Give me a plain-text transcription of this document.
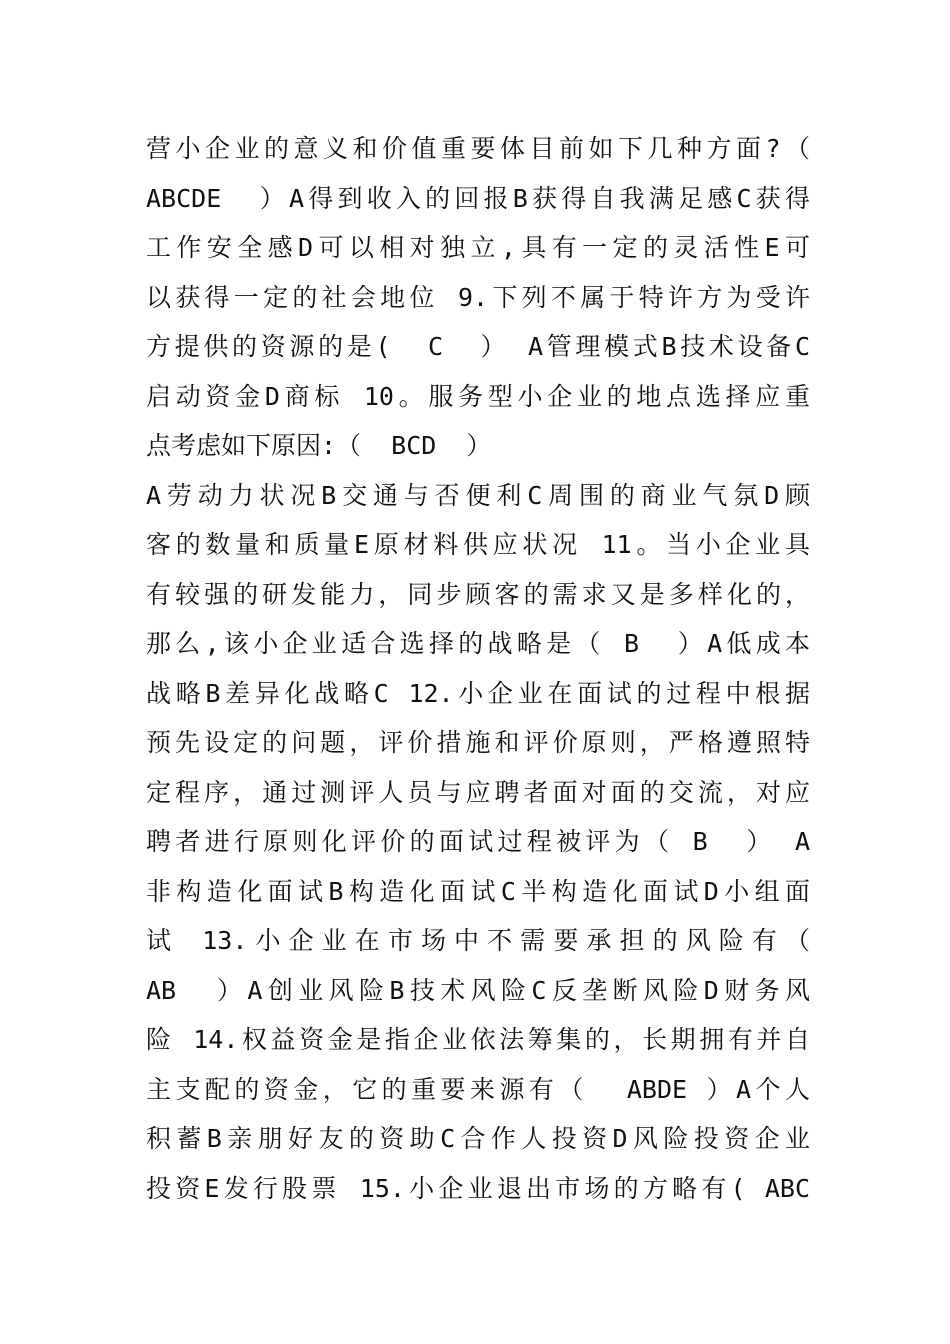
营小企业的意义和价值重要体目前如下几种方面?（
ABCDE  ）A得到收入的回报B获得自我满足感C获得
工作安全感D可以相对独立,具有一定的灵活性E可
以获得一定的社会地位 9.下列不属于特许方为受许
方提供的资源的是(  C  ） A管理模式B技术设备C
启动资金D商标 10。服务型小企业的地点选择应重
点考虑如下原因:（  BCD  ）
A劳动力状况B交通与否便利C周围的商业气氛D顾
客的数量和质量E原材料供应状况 11。当小企业具
有较强的研发能力，同步顾客的需求又是多样化的，
那么,该小企业适合选择的战略是（ B  ）A低成本
战略B差异化战略C 12.小企业在面试的过程中根据
预先设定的问题，评价措施和评价原则，严格遵照特
定程序，通过测评人员与应聘者面对面的交流，对应
聘者进行原则化评价的面试过程被评为（ B  ） A
非构造化面试B构造化面试C半构造化面试D小组面
试 13.小企业在市场中不需要承担的风险有（
AB  ）A创业风险B技术风险C反垄断风险D财务风
险 14.权益资金是指企业依法筹集的，长期拥有并自
主支配的资金，它的重要来源有（  ABDE ）A个人
积蓄B亲朋好友的资助C合作人投资D风险投资企业
投资E发行股票 15.小企业退出市场的方略有( ABC
